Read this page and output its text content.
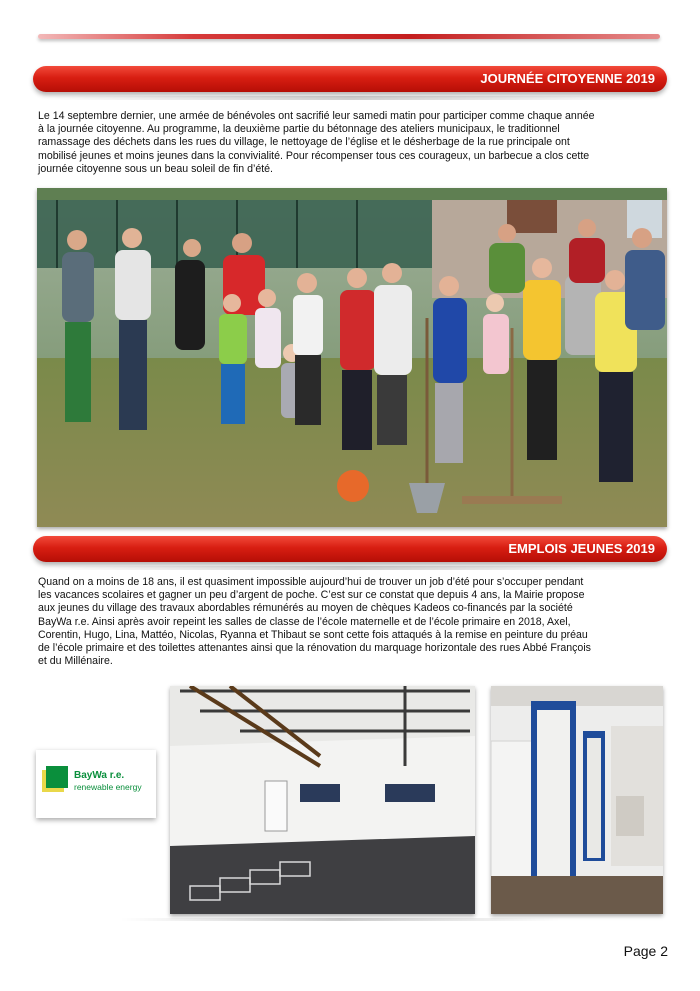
JOURNÉE CITOYENNE 2019
Le 14 septembre dernier, une armée de bénévoles ont sacrifié leur samedi matin pour participer comme chaque année
à la journée citoyenne. Au programme, la deuxième partie du bétonnage des ateliers municipaux, le traditionnel
ramassage des déchets dans les rues du village, le nettoyage de l’église et le désherbage de la rue principale ont
mobilisé jeunes et moins jeunes dans la convivialité. Pour récompenser tous ces courageux, un barbecue a clos cette
journée citoyenne sous un beau soleil de fin d’été.
EMPLOIS JEUNES 2019
Quand on a moins de 18 ans, il est quasiment impossible aujourd’hui de trouver un job d’été pour s’occuper pendant
les vacances scolaires et gagner un peu d’argent de poche. C’est sur ce constat que depuis 4 ans, la Mairie propose
aux jeunes du village des travaux abordables rémunérés au moyen de chèques Kadeos co-financés par la société
BayWa r.e. Ainsi après avoir repeint les salles de classe de l’école maternelle et de l’école primaire en 2018, Axel,
Corentin, Hugo, Lina, Mattéo, Nicolas, Ryanna et Thibaut se sont cette fois attaqués à la remise en peinture du préau
de l’école primaire et des toilettes attenantes ainsi que la rénovation du marquage horizontale des rues Abbé François
et du Millénaire.
BayWa r.e.
renewable energy
Page 2
